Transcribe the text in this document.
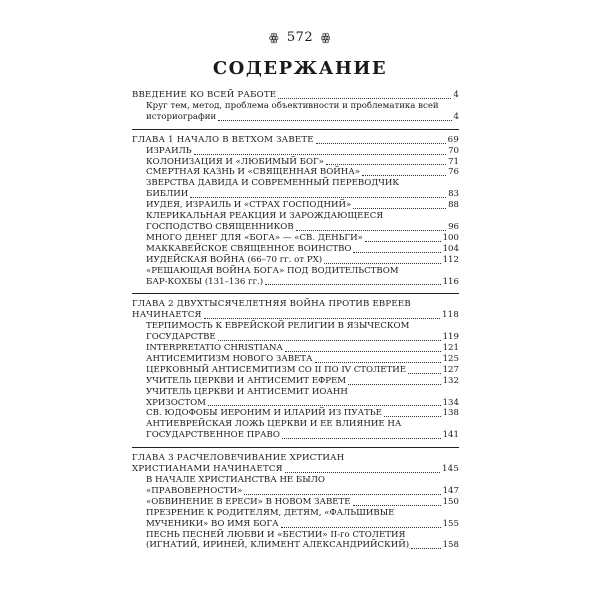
ꙮ 572 ꙮ
СОДЕРЖАНИЕ
ВВЕДЕНИЕ КО ВСЕЙ РАБОТЕ	4
Круг тем, метод, проблема объективности и проблематика всей
историографии	4
ГЛАВА 1 НАЧАЛО В ВЕТХОМ ЗАВЕТЕ	69
ИЗРАИЛЬ	70
КОЛОНИЗАЦИЯ И «ЛЮБИМЫЙ БОГ»	71
СМЕРТНАЯ КАЗНЬ И «СВЯЩЕННАЯ ВОЙНА»	76
ЗВЕРСТВА ДАВИДА И СОВРЕМЕННЫЙ ПЕРЕВОДЧИК
БИБЛИИ	83
ИУДЕЯ, ИЗРАИЛЬ И «СТРАХ ГОСПОДНИЙ»	88
КЛЕРИКАЛЬНАЯ РЕАКЦИЯ И ЗАРОЖДАЮЩЕЕСЯ
ГОСПОДСТВО СВЯЩЕННИКОВ	96
МНОГО ДЕНЕГ ДЛЯ «БОГА» — «СВ. ДЕНЬГИ»	100
МАККАВЕЙСКОЕ СВЯЩЕННОЕ ВОИНСТВО	104
ИУДЕЙСКАЯ ВОЙНА (66–70 гг. от РХ)	112
«РЕШАЮЩАЯ ВОЙНА БОГА» ПОД ВОДИТЕЛЬСТВОМ
БАР-КОХБЫ (131–136 гг.)	116
ГЛАВА 2 ДВУХТЫСЯЧЕЛЕТНЯЯ ВОЙНА ПРОТИВ ЕВРЕЕВ
НАЧИНАЕТСЯ	118
ТЕРПИМОСТЬ К ЕВРЕЙСКОЙ РЕЛИГИИ В ЯЗЫЧЕСКОМ
ГОСУДАРСТВЕ	119
INTERPRETATIO CHRISTIANA	121
АНТИСЕМИТИЗМ НОВОГО ЗАВЕТА	125
ЦЕРКОВНЫЙ АНТИСЕМИТИЗМ СО II ПО IV СТОЛЕТИЕ	127
УЧИТЕЛЬ ЦЕРКВИ И АНТИСЕМИТ ЕФРЕМ	132
УЧИТЕЛЬ ЦЕРКВИ И АНТИСЕМИТ ИОАНН
ХРИЗОСТОМ	134
СВ. ЮДОФОБЫ ИЕРОНИМ И ИЛАРИЙ ИЗ ПУАТЬЕ	138
АНТИЕВРЕЙСКАЯ ЛОЖЬ ЦЕРКВИ И ЕЕ ВЛИЯНИЕ НА
ГОСУДАРСТВЕННОЕ ПРАВО	141
ГЛАВА 3 РАСЧЕЛОВЕЧИВАНИЕ ХРИСТИАН
ХРИСТИАНАМИ НАЧИНАЕТСЯ	145
В НАЧАЛЕ ХРИСТИАНСТВА НЕ БЫЛО
«ПРАВОВЕРНОСТИ»	147
«ОБВИНЕНИЕ В ЕРЕСИ» В НОВОМ ЗАВЕТЕ	150
ПРЕЗРЕНИЕ К РОДИТЕЛЯМ, ДЕТЯМ, «ФАЛЬШИВЫЕ
МУЧЕНИКИ» ВО ИМЯ БОГА	155
ПЕСНЬ ПЕСНЕЙ ЛЮБВИ И «БЕСТИИ» II-го СТОЛЕТИЯ
(ИГНАТИЙ, ИРИНЕЙ, КЛИМЕНТ АЛЕКСАНДРИЙСКИЙ)	158
